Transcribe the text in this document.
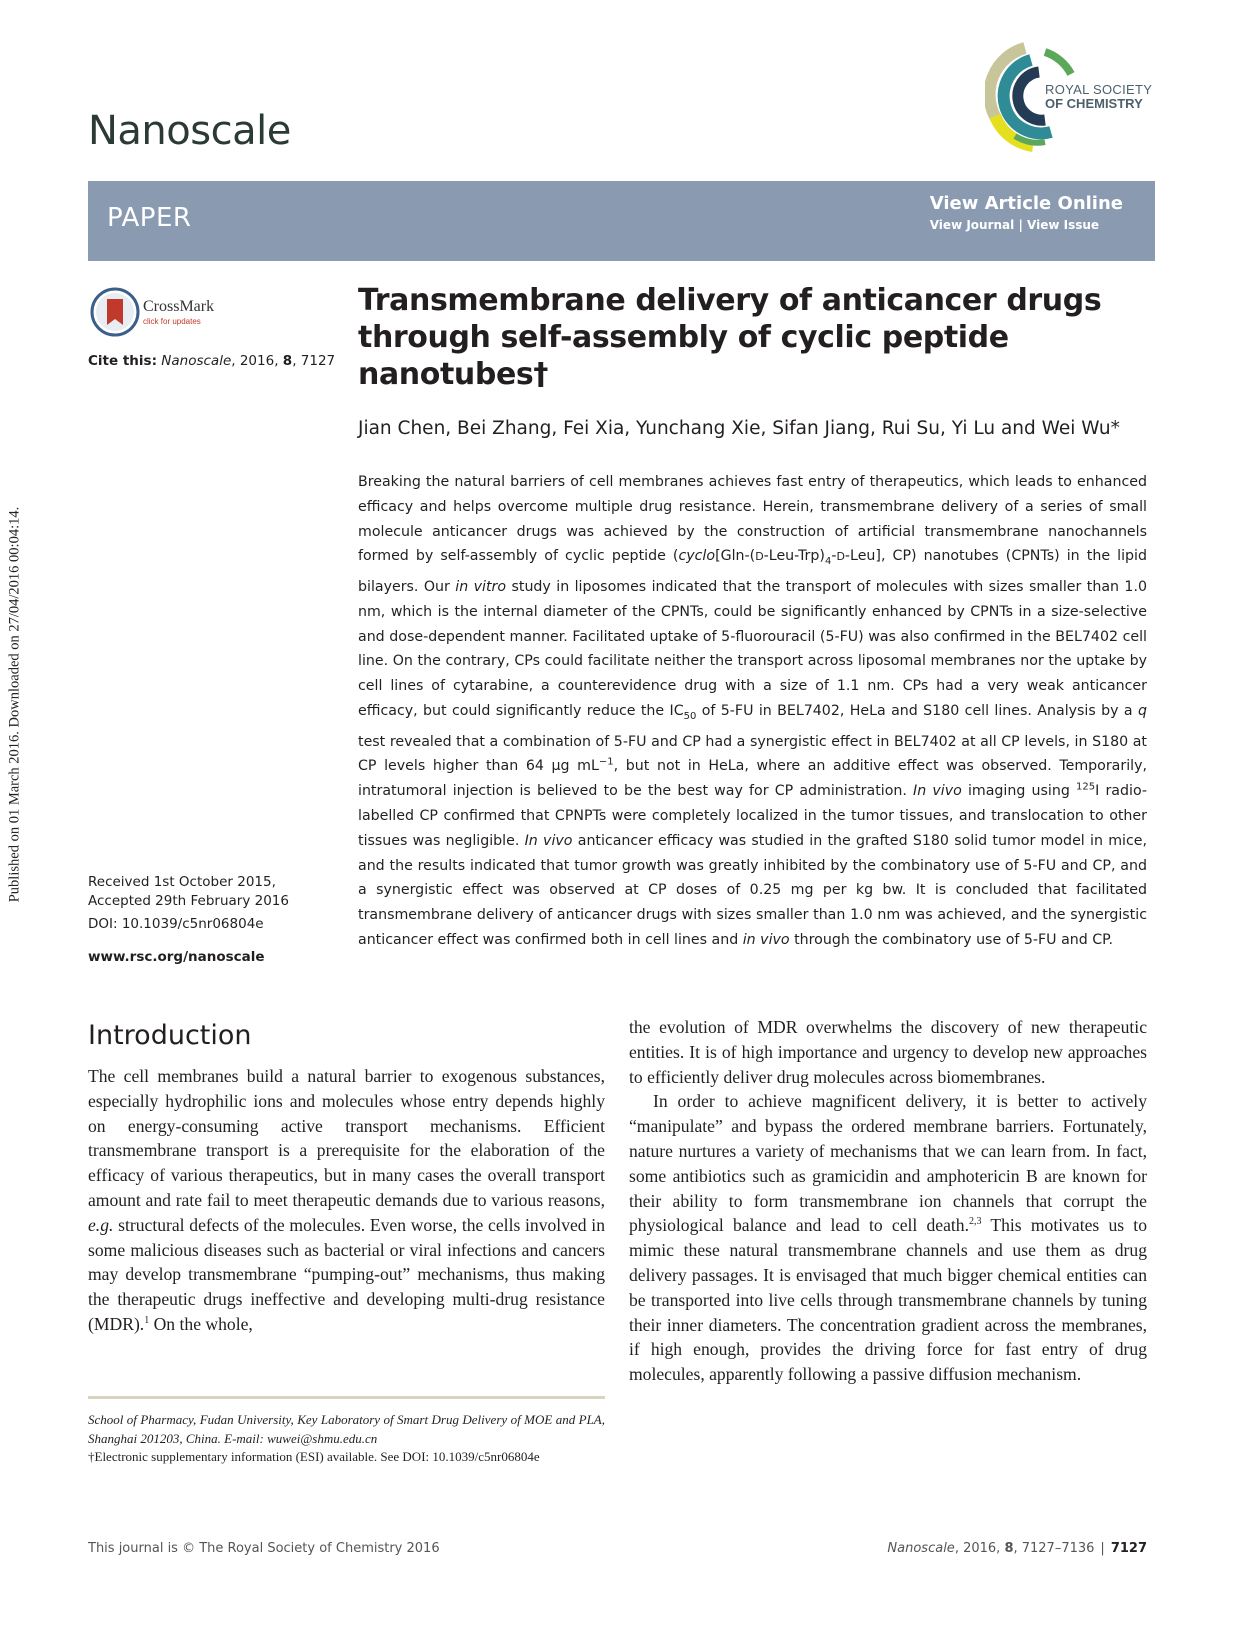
Published on 01 March 2016. Downloaded on 27/04/2016 00:04:14.
Nanoscale
ROYAL SOCIETY
OF CHEMISTRY
PAPER	View Article Online
View Journal | View Issue
CrossMark
click for updates
Cite this: Nanoscale, 2016, 8, 7127
Received 1st October 2015,
Accepted 29th February 2016
DOI: 10.1039/c5nr06804e
www.rsc.org/nanoscale
Transmembrane delivery of anticancer drugs through self-assembly of cyclic peptide nanotubes†
Jian Chen, Bei Zhang, Fei Xia, Yunchang Xie, Sifan Jiang, Rui Su, Yi Lu and Wei Wu*

Breaking the natural barriers of cell membranes achieves fast entry of therapeutics, which leads to enhanced efficacy and helps overcome multiple drug resistance. Herein, transmembrane delivery of a series of small molecule anticancer drugs was achieved by the construction of artificial transmembrane nanochannels formed by self-assembly of cyclic peptide ($cyclo[Gln-(D-Leu-Trp)_4-D-Leu]$, CP) nanotubes (CPNTs) in the lipid bilayers. Our in vitro study in liposomes indicated that the transport of molecules with sizes smaller than 1.0 nm, which is the internal diameter of the CPNTs, could be significantly enhanced by CPNTs in a size-selective and dose-dependent manner. Facilitated uptake of 5-fluorouracil (5-FU) was also confirmed in the BEL7402 cell line. On the contrary, CPs could facilitate neither the transport across liposomal membranes nor the uptake by cell lines of cytarabine, a counterevidence drug with a size of 1.1 nm. CPs had a very weak anticancer efficacy, but could significantly reduce the $IC_{50}$ of 5-FU in BEL7402, HeLa and S180 cell lines. Analysis by a q test revealed that a combination of 5-FU and CP had a synergistic effect in BEL7402 at all CP levels, in S180 at CP levels higher than 64 μg $mL^{-1}$, but not in HeLa, where an additive effect was observed. Temporarily, intratumoral injection is believed to be the best way for CP administration. In vivo imaging using $^{125}$I radio-labelled CP confirmed that CPNPTs were completely localized in the tumor tissues, and translocation to other tissues was negligible. In vivo anticancer efficacy was studied in the grafted S180 solid tumor model in mice, and the results indicated that tumor growth was greatly inhibited by the combinatory use of 5-FU and CP, and a synergistic effect was observed at CP doses of 0.25 mg per kg bw. It is concluded that facilitated transmembrane delivery of anticancer drugs with sizes smaller than 1.0 nm was achieved, and the synergistic anticancer effect was confirmed both in cell lines and in vivo through the combinatory use of 5-FU and CP.

Introduction

The cell membranes build a natural barrier to exogenous substances, especially hydrophilic ions and molecules whose entry depends highly on energy-consuming active transport mechanisms. Efficient transmembrane transport is a prerequisite for the elaboration of the efficacy of various therapeutics, but in many cases the overall transport amount and rate fail to meet therapeutic demands due to various reasons, e.g. structural defects of the molecules. Even worse, the cells involved in some malicious diseases such as bacterial or viral infections and cancers may develop transmembrane “pumping-out” mechanisms, thus making the therapeutic drugs ineffective and developing multi-drug resistance (MDR).$^1$ On the whole,

School of Pharmacy, Fudan University, Key Laboratory of Smart Drug Delivery of MOE and PLA, Shanghai 201203, China. E-mail: wuwei@shmu.edu.cn
†Electronic supplementary information (ESI) available. See DOI: 10.1039/c5nr06804e

the evolution of MDR overwhelms the discovery of new therapeutic entities. It is of high importance and urgency to develop new approaches to efficiently deliver drug molecules across biomembranes.

In order to achieve magnificent delivery, it is better to actively “manipulate” and bypass the ordered membrane barriers. Fortunately, nature nurtures a variety of mechanisms that we can learn from. In fact, some antibiotics such as gramicidin and amphotericin B are known for their ability to form transmembrane ion channels that corrupt the physiological balance and lead to cell death.$^{2,3}$ This motivates us to mimic these natural transmembrane channels and use them as drug delivery passages. It is envisaged that much bigger chemical entities can be transported into live cells through transmembrane channels by tuning their inner diameters. The concentration gradient across the membranes, if high enough, provides the driving force for fast entry of drug molecules, apparently following a passive diffusion mechanism.

This journal is © The Royal Society of Chemistry 2016	Nanoscale, 2016, 8, 7127–7136 | 7127
